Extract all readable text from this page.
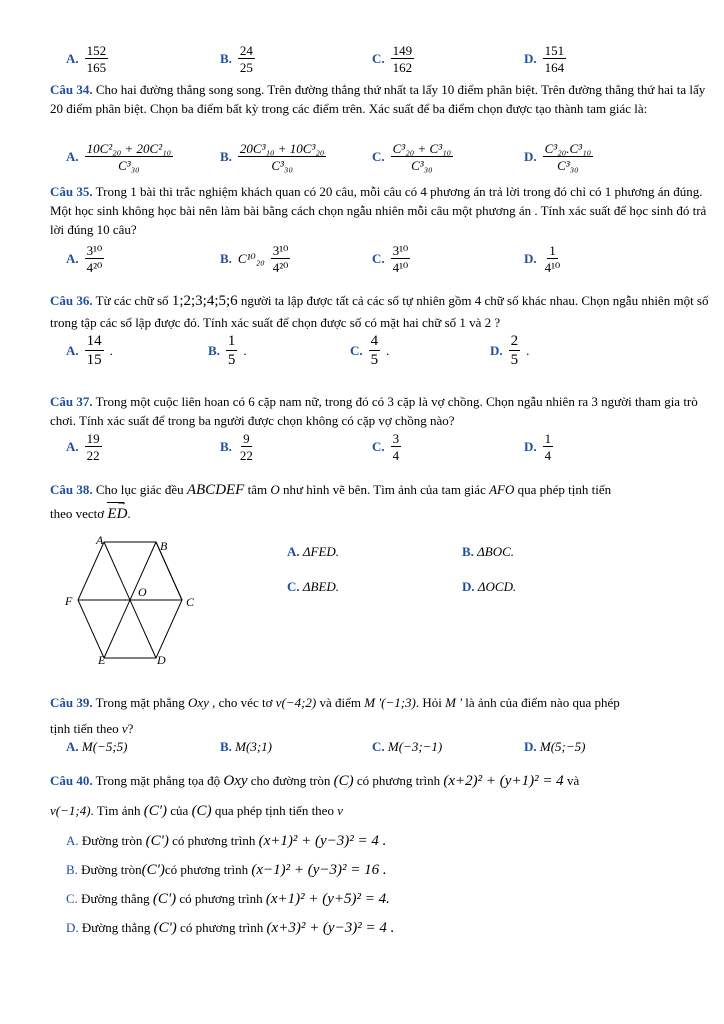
A. $\frac{152}{165}$	B. $\frac{24}{25}$	C. $\frac{149}{162}$	D. $\frac{151}{164}$
Câu 34. Cho hai đường thẳng song song. Trên đường thẳng thứ nhất ta lấy 10 điểm phân biệt. Trên đường thẳng thứ hai ta lấy 20 điểm phân biệt. Chọn ba điểm bất kỳ trong các điểm trên. Xác suất để ba điểm chọn được tạo thành tam giác là:
A. $\frac{\text{10C²₂₀ + 20C²₁₀}}{\text{C³₃₀}}$	B. $\frac{\text{20C³₁₀ + 10C³₂₀}}{\text{C³₃₀}}$	C. $\frac{\text{C³₂₀ + C³₁₀}}{\text{C³₃₀}}$	D. $\frac{\text{C³₂₀.C³₁₀}}{\text{C³₃₀}}$
Câu 35. Trong 1 bài thi trắc nghiệm khách quan có 20 câu, mỗi câu có 4 phương án trả lời trong đó chỉ có 1 phương án đúng. Một học sinh không học bài nên làm bài bằng cách chọn ngẫu nhiên mỗi câu một phương án . Tính xác suất để học sinh đó trả lời đúng 10 câu?
A. $\frac{\text{3¹⁰}}{\text{4²⁰}}$	B. $C^{10}_{20} \frac{\text{3¹⁰}}{\text{4²⁰}}$	C. $\frac{\text{3¹⁰}}{\text{4¹⁰}}$	D. $\frac{1}{\text{4¹⁰}}$
Câu 36. Từ các chữ số 1;2;3;4;5;6 người ta lập được tất cả các số tự nhiên gồm 4 chữ số khác nhau. Chọn ngẫu nhiên một số trong tập các số lập được đó. Tính xác suất để chọn được số có mặt hai chữ số 1 và 2 ?
A. $\frac{14}{15}$ .	B. $\frac{1}{5}$ .	C. $\frac{4}{5}$ .	D. $\frac{2}{5}$ .
Câu 37. Trong một cuộc liên hoan có 6 cặp nam nữ, trong đó có 3 cặp là vợ chồng. Chọn ngẫu nhiên ra 3 người tham gia trò chơi. Tính xác suất để trong ba người được chọn không có cặp vợ chồng nào?
A. $\frac{19}{22}$	B. $\frac{9}{22}$	C. $\frac{3}{4}$	D. $\frac{1}{4}$
Câu 38. Cho lục giác đều ABCDEF tâm O như hình vẽ bên. Tìm ảnh của tam giác AFO qua phép tịnh tiến
theo vectơ
→
ED.
A	B
C
D
E
F
O
A. ΔFED.	B. ΔBOC.
C. ΔBED.	D. ΔOCD.
Câu 39. Trong mặt phẳng Oxy , cho véc tơ v(−4;2) và điểm M '(−1;3). Hỏi M ' là ảnh của điểm nào qua phép
tịnh tiến theo v?
A. M(−5;5)	B. M(3;1)	C. M(−3;−1)	D. M(5;−5)
Câu 40. Trong mặt phẳng tọa độ Oxy cho đường tròn (C) có phương trình (x+2)² + (y+1)² = 4 và
v(−1;4). Tìm ảnh (C′) của (C) qua phép tịnh tiến theo v
A. Đường tròn (C') có phương trình (x+1)² + (y−3)² = 4 .
B. Đường tròn(C')có phương trình (x−1)² + (y−3)² = 16 .
C. Đường thẳng (C') có phương trình (x+1)² + (y+5)² = 4.
D. Đường thẳng (C') có phương trình (x+3)² + (y−3)² = 4 .
